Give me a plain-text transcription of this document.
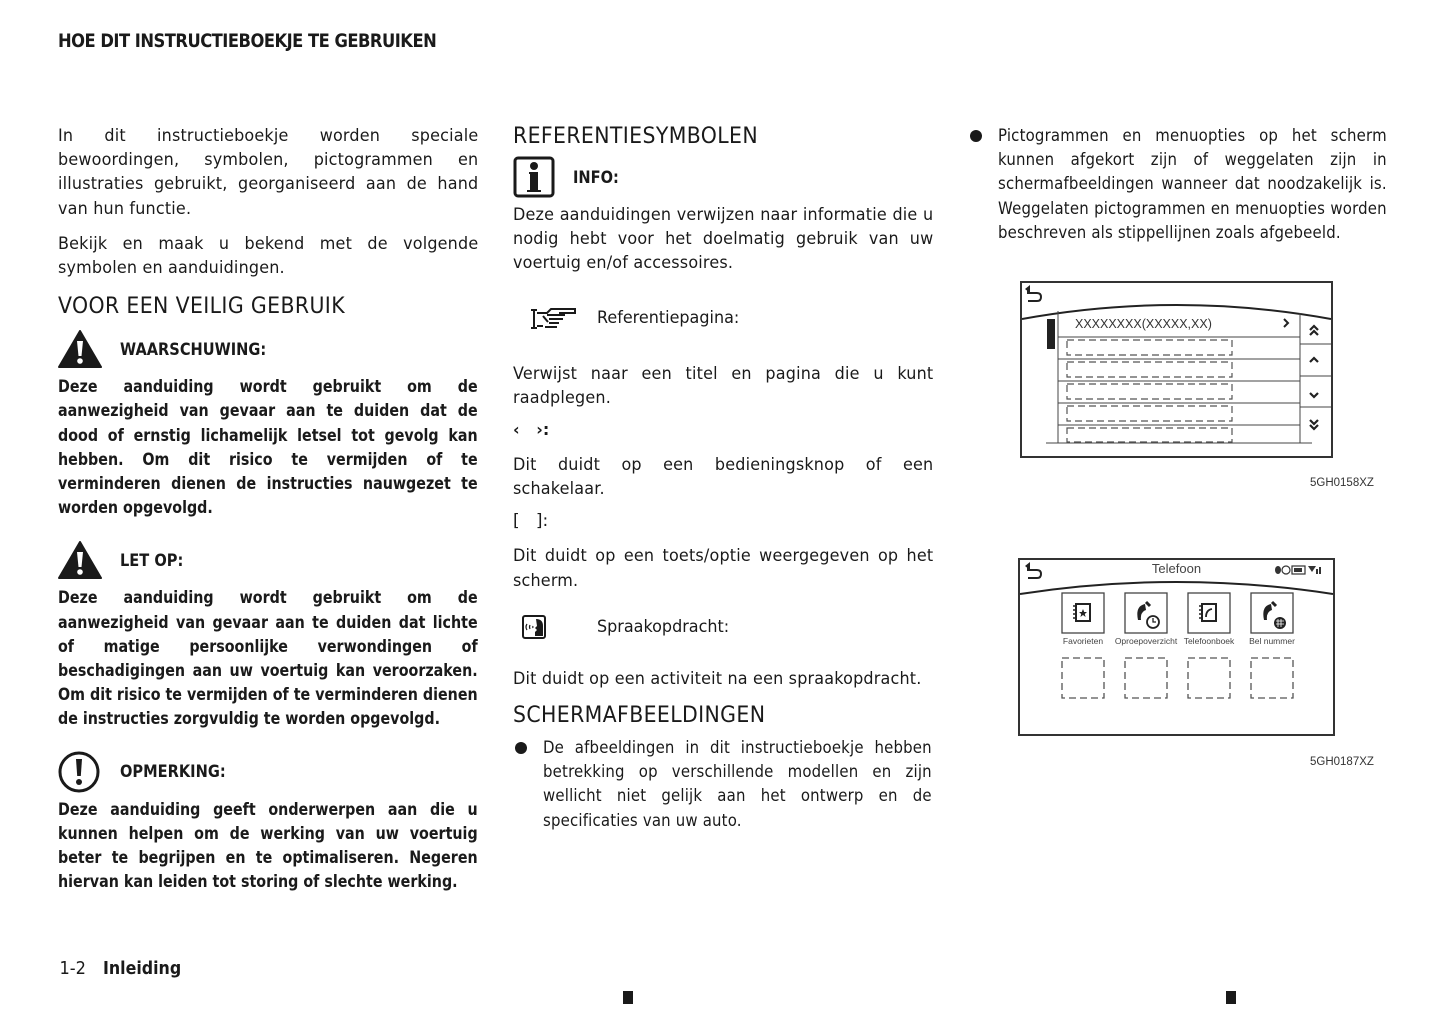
HOE DIT INSTRUCTIEBOEKJE TE GEBRUIKEN

In dit instructieboekje worden speciale bewoordingen, symbolen, pictogrammen en illustraties gebruikt, georganiseerd aan de hand van hun functie.

Bekijk en maak u bekend met de volgende symbolen en aanduidingen.

VOOR EEN VEILIG GEBRUIK
WAARSCHUWING:

Deze aanduiding wordt gebruikt om de aanwezigheid van gevaar aan te duiden dat de dood of ernstig lichamelijk letsel tot gevolg kan hebben. Om dit risico te vermijden of te verminderen dienen de instructies nauwgezet te worden opgevolgd.

LET OP:

Deze aanduiding wordt gebruikt om de aanwezigheid van gevaar aan te duiden dat lichte of matige persoonlijke verwondingen of beschadigingen aan uw voertuig kan veroorzaken. Om dit risico te vermijden of te verminderen dienen de instructies zorgvuldig te worden opgevolgd.

OPMERKING:

Deze aanduiding geeft onderwerpen aan die u kunnen helpen om de werking van uw voertuig beter te begrijpen en te optimaliseren. Negeren hiervan kan leiden tot storing of slechte werking.

REFERENTIESYMBOLEN
INFO:

Deze aanduidingen verwijzen naar informatie die u nodig hebt voor het doelmatig gebruik van uw voertuig en/of accessoires.

Referentiepagina:

Verwijst naar een titel en pagina die u kunt raadplegen.

‹   ›:

Dit duidt op een bedieningsknop of een schakelaar.

[   ]:

Dit duidt op een toets/optie weergegeven op het scherm.

Spraakopdracht:

Dit duidt op een activiteit na een spraakopdracht.

SCHERMAFBEELDINGEN

De afbeeldingen in dit instructieboekje hebben betrekking op verschillende modellen en zijn wellicht niet gelijk aan het ontwerp en de specificaties van uw auto.

Pictogrammen en menuopties op het scherm kunnen afgekort zijn of weggelaten zijn in schermafbeeldingen wanneer dat noodzakelijk is. Weggelaten pictogrammen en menuopties worden beschreven als stippellijnen zoals afgebeeld.

XXXXXXXX(XXXXX,XX)
5GH0158XZ
Favorieten Oproepoverzicht Telefoonboek Bel nummer
Telefoon
5GH0187XZ
1-2 Inleiding
